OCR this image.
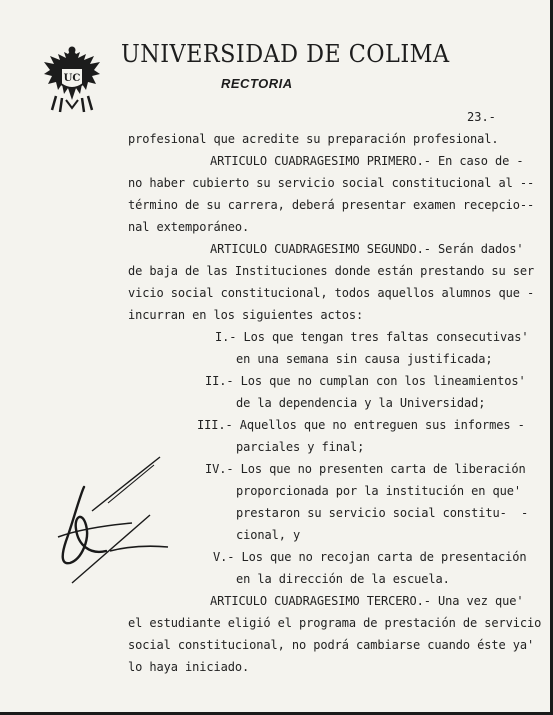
UC
UNIVERSIDAD DE COLIMA
RECTORIA
23.-
profesional que acredite su preparación profesional.
ARTICULO CUADRAGESIMO PRIMERO.- En caso de -
no haber cubierto su servicio social constitucional al --
término de su carrera, deberá presentar examen recepcio--
nal extemporáneo.
ARTICULO CUADRAGESIMO SEGUNDO.- Serán dados'
de baja de las Instituciones donde están prestando su ser
vicio social constitucional, todos aquellos alumnos que -
incurran en los siguientes actos:
I.- Los que tengan tres faltas consecutivas'
en una semana sin causa justificada;
II.- Los que no cumplan con los lineamientos'
de la dependencia y la Universidad;
III.- Aquellos que no entreguen sus informes -
parciales y final;
IV.- Los que no presenten carta de liberación
proporcionada por la institución en que'
prestaron su servicio social constitu-  -
cional, y
V.- Los que no recojan carta de presentación
en la dirección de la escuela.
ARTICULO CUADRAGESIMO TERCERO.- Una vez que'
el estudiante eligió el programa de prestación de servicio
social constitucional, no podrá cambiarse cuando éste ya'
lo haya iniciado.
